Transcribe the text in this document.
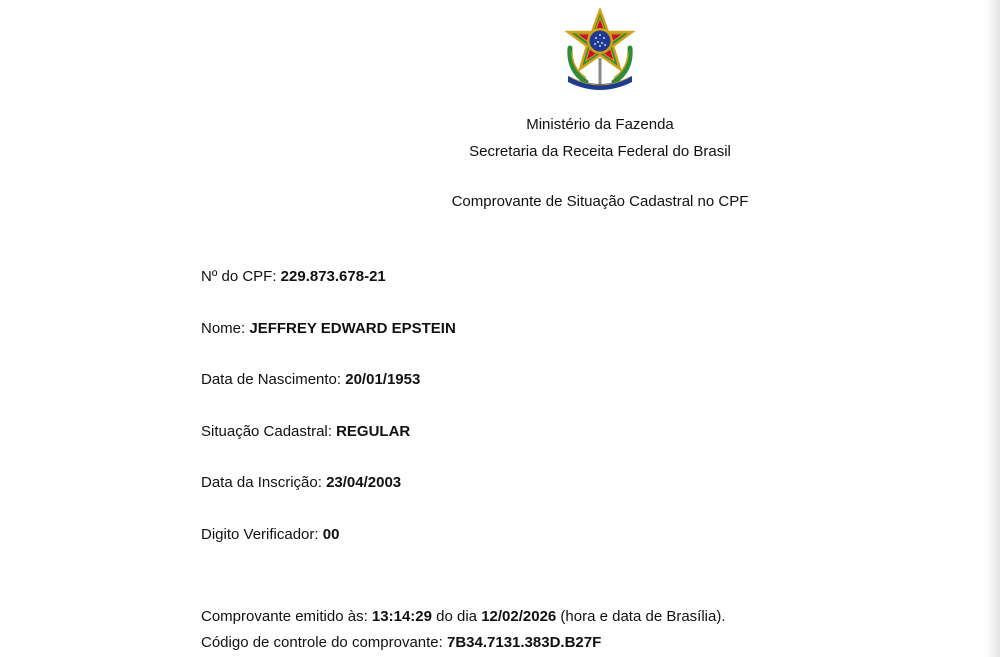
Ministério da Fazenda
Secretaria da Receita Federal do Brasil
Comprovante de Situação Cadastral no CPF
Nº do CPF: 229.873.678-21
Nome: JEFFREY EDWARD EPSTEIN
Data de Nascimento: 20/01/1953
Situação Cadastral: REGULAR
Data da Inscrição: 23/04/2003
Digito Verificador: 00
Comprovante emitido às: 13:14:29 do dia 12/02/2026 (hora e data de Brasília).
Código de controle do comprovante: 7B34.7131.383D.B27F
